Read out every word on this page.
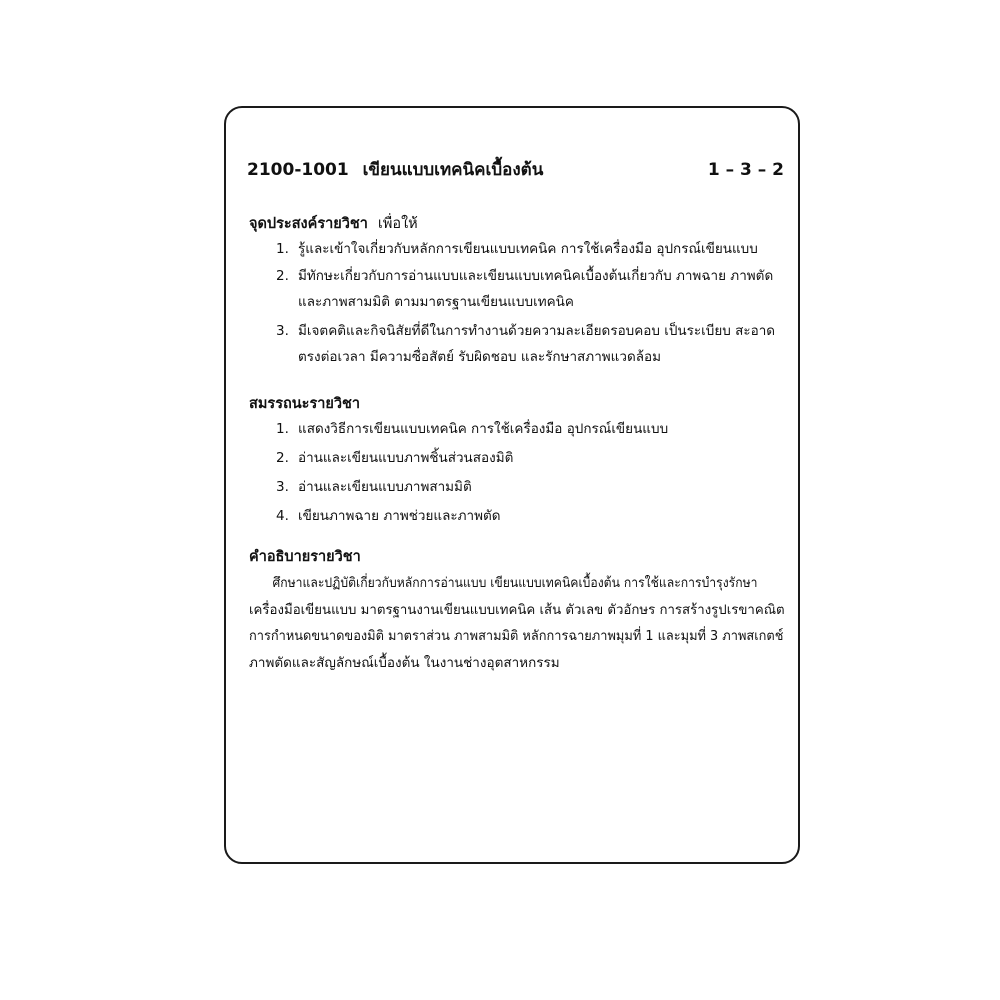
2100-1001 เขียนแบบเทคนิคเบื้องต้น	1 – 3 – 2
จุดประสงค์รายวิชา เพื่อให้
1. รู้และเข้าใจเกี่ยวกับหลักการเขียนแบบเทคนิค การใช้เครื่องมือ อุปกรณ์เขียนแบบ
2. มีทักษะเกี่ยวกับการอ่านแบบและเขียนแบบเทคนิคเบื้องต้นเกี่ยวกับ ภาพฉาย ภาพตัด
และภาพสามมิติ ตามมาตรฐานเขียนแบบเทคนิค
3. มีเจตคติและกิจนิสัยที่ดีในการทำงานด้วยความละเอียดรอบคอบ เป็นระเบียบ สะอาด
ตรงต่อเวลา มีความซื่อสัตย์ รับผิดชอบ และรักษาสภาพแวดล้อม
สมรรถนะรายวิชา
1. แสดงวิธีการเขียนแบบเทคนิค การใช้เครื่องมือ อุปกรณ์เขียนแบบ
2. อ่านและเขียนแบบภาพชิ้นส่วนสองมิติ
3. อ่านและเขียนแบบภาพสามมิติ
4. เขียนภาพฉาย ภาพช่วยและภาพตัด
คำอธิบายรายวิชา
ศึกษาและปฏิบัติเกี่ยวกับหลักการอ่านแบบ เขียนแบบเทคนิคเบื้องต้น การใช้และการบำรุงรักษา
เครื่องมือเขียนแบบ มาตรฐานงานเขียนแบบเทคนิค เส้น ตัวเลข ตัวอักษร การสร้างรูปเรขาคณิต
การกำหนดขนาดของมิติ มาตราส่วน ภาพสามมิติ หลักการฉายภาพมุมที่ 1 และมุมที่ 3 ภาพสเกตช์
ภาพตัดและสัญลักษณ์เบื้องต้น ในงานช่างอุตสาหกรรม
